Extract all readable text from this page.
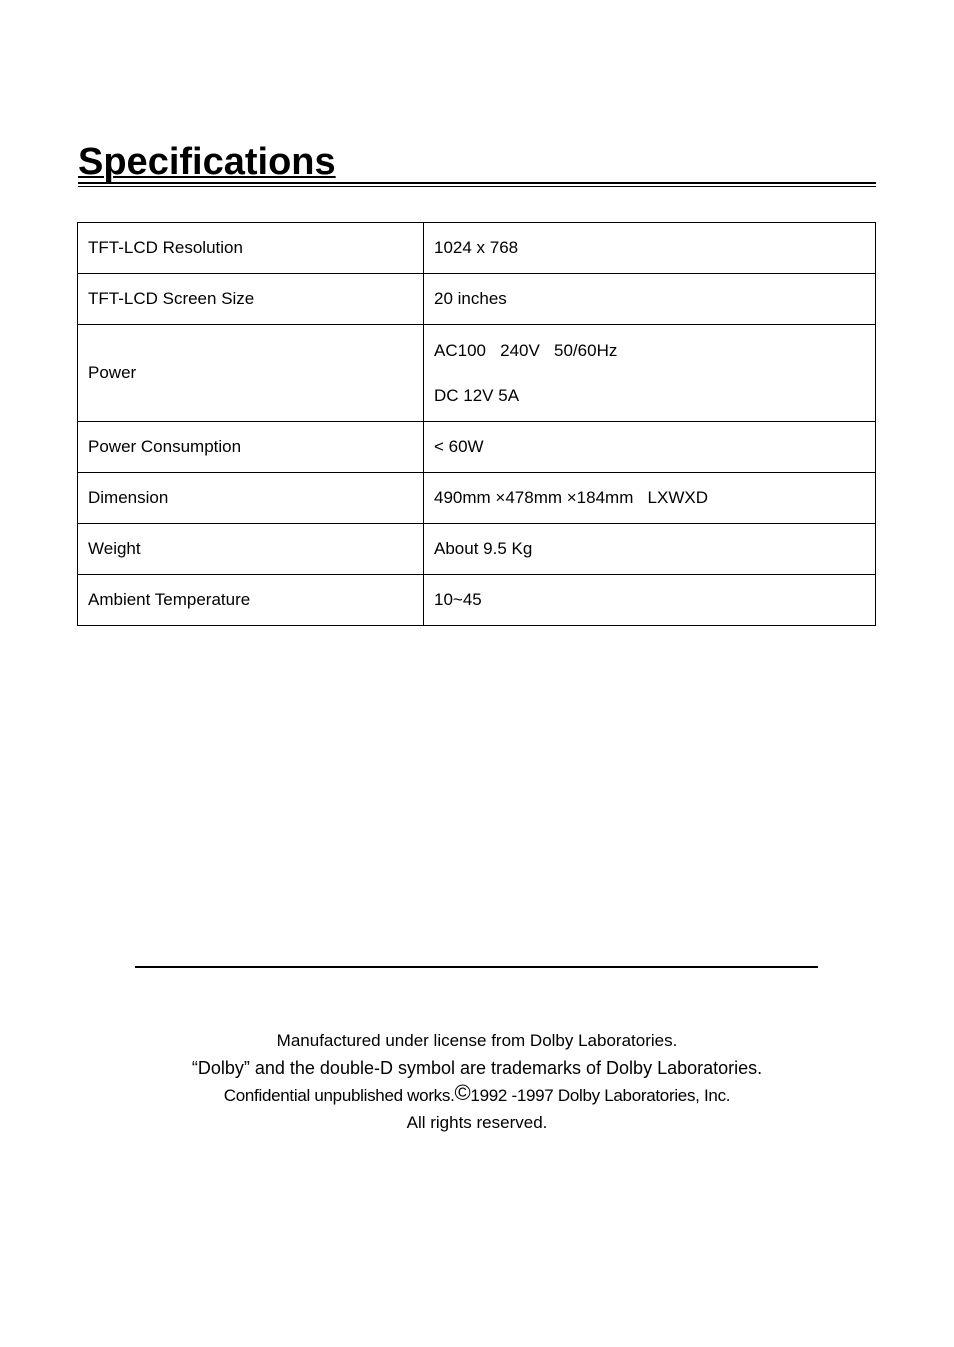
Specifications
TFT-LCD Resolution	1024 x 768
TFT-LCD Screen Size	20 inches
Power	AC100   240V   50/60Hz
DC 12V 5A

Power Consumption	< 60W
Dimension	490mm ×478mm ×184mm   LXWXD
Weight	About 9.5 Kg
Ambient Temperature	10~45
Manufactured under license from Dolby Laboratories.
“Dolby” and the double-D symbol are trademarks of Dolby Laboratories.
Confidential unpublished works.©1992 -1997 Dolby Laboratories, Inc.
All rights reserved.
